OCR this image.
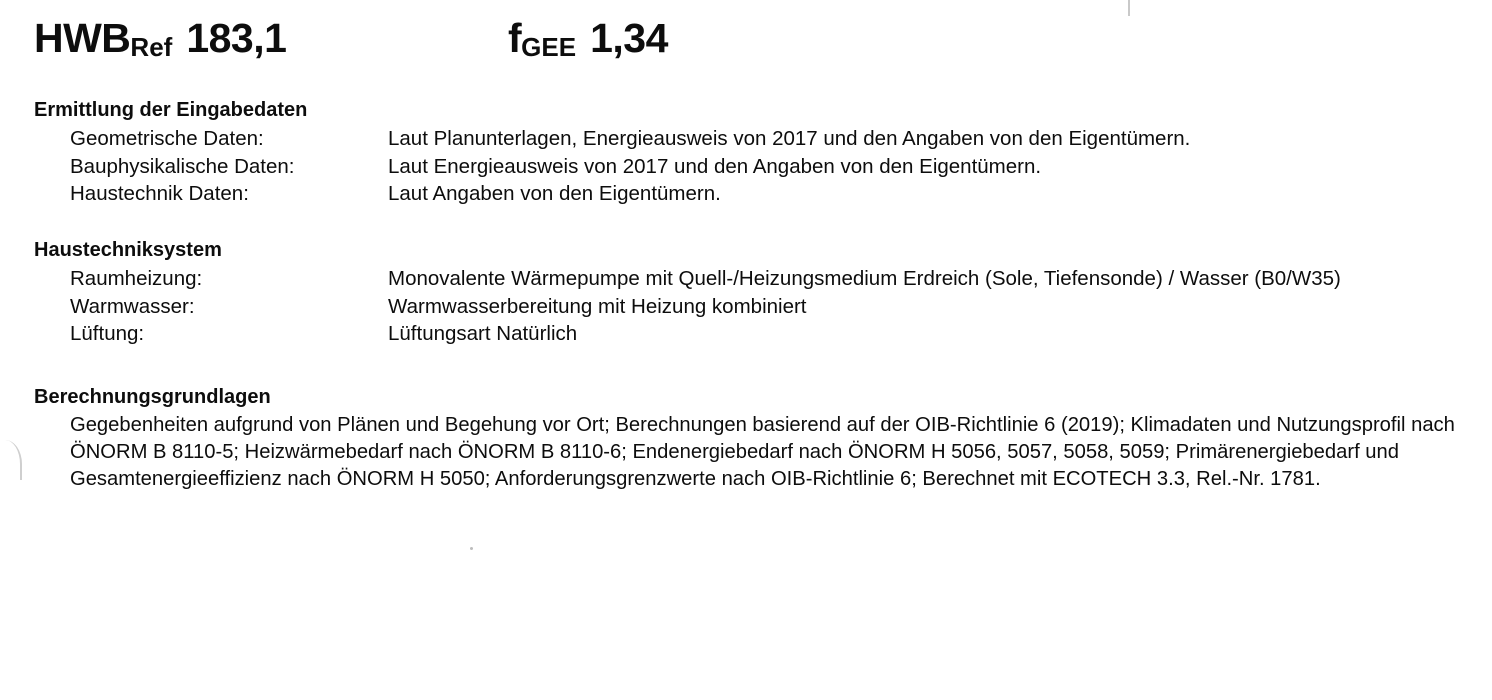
HWBRef 183,1	fGEE 1,34
Ermittlung der Eingabedaten
Geometrische Daten:	Laut Planunterlagen, Energieausweis von 2017 und den Angaben von den Eigentümern.
Bauphysikalische Daten:	Laut Energieausweis von 2017 und den Angaben von den Eigentümern.
Haustechnik Daten:	Laut Angaben von den Eigentümern.
Haustechniksystem
Raumheizung:	Monovalente Wärmepumpe mit Quell-/Heizungsmedium Erdreich (Sole, Tiefensonde) / Wasser (B0/W35)
Warmwasser:	Warmwasserbereitung mit Heizung kombiniert
Lüftung:	Lüftungsart Natürlich
Berechnungsgrundlagen
Gegebenheiten aufgrund von Plänen und Begehung vor Ort; Berechnungen basierend auf der OIB-Richtlinie 6 (2019); Klimadaten und Nutzungsprofil nach ÖNORM B 8110-5; Heizwärmebedarf nach ÖNORM B 8110-6; Endenergiebedarf nach ÖNORM H 5056, 5057, 5058, 5059; Primärenergiebedarf und Gesamtenergieeffizienz nach ÖNORM H 5050; Anforderungsgrenzwerte nach OIB-Richtlinie 6; Berechnet mit ECOTECH 3.3, Rel.-Nr. 1781.
